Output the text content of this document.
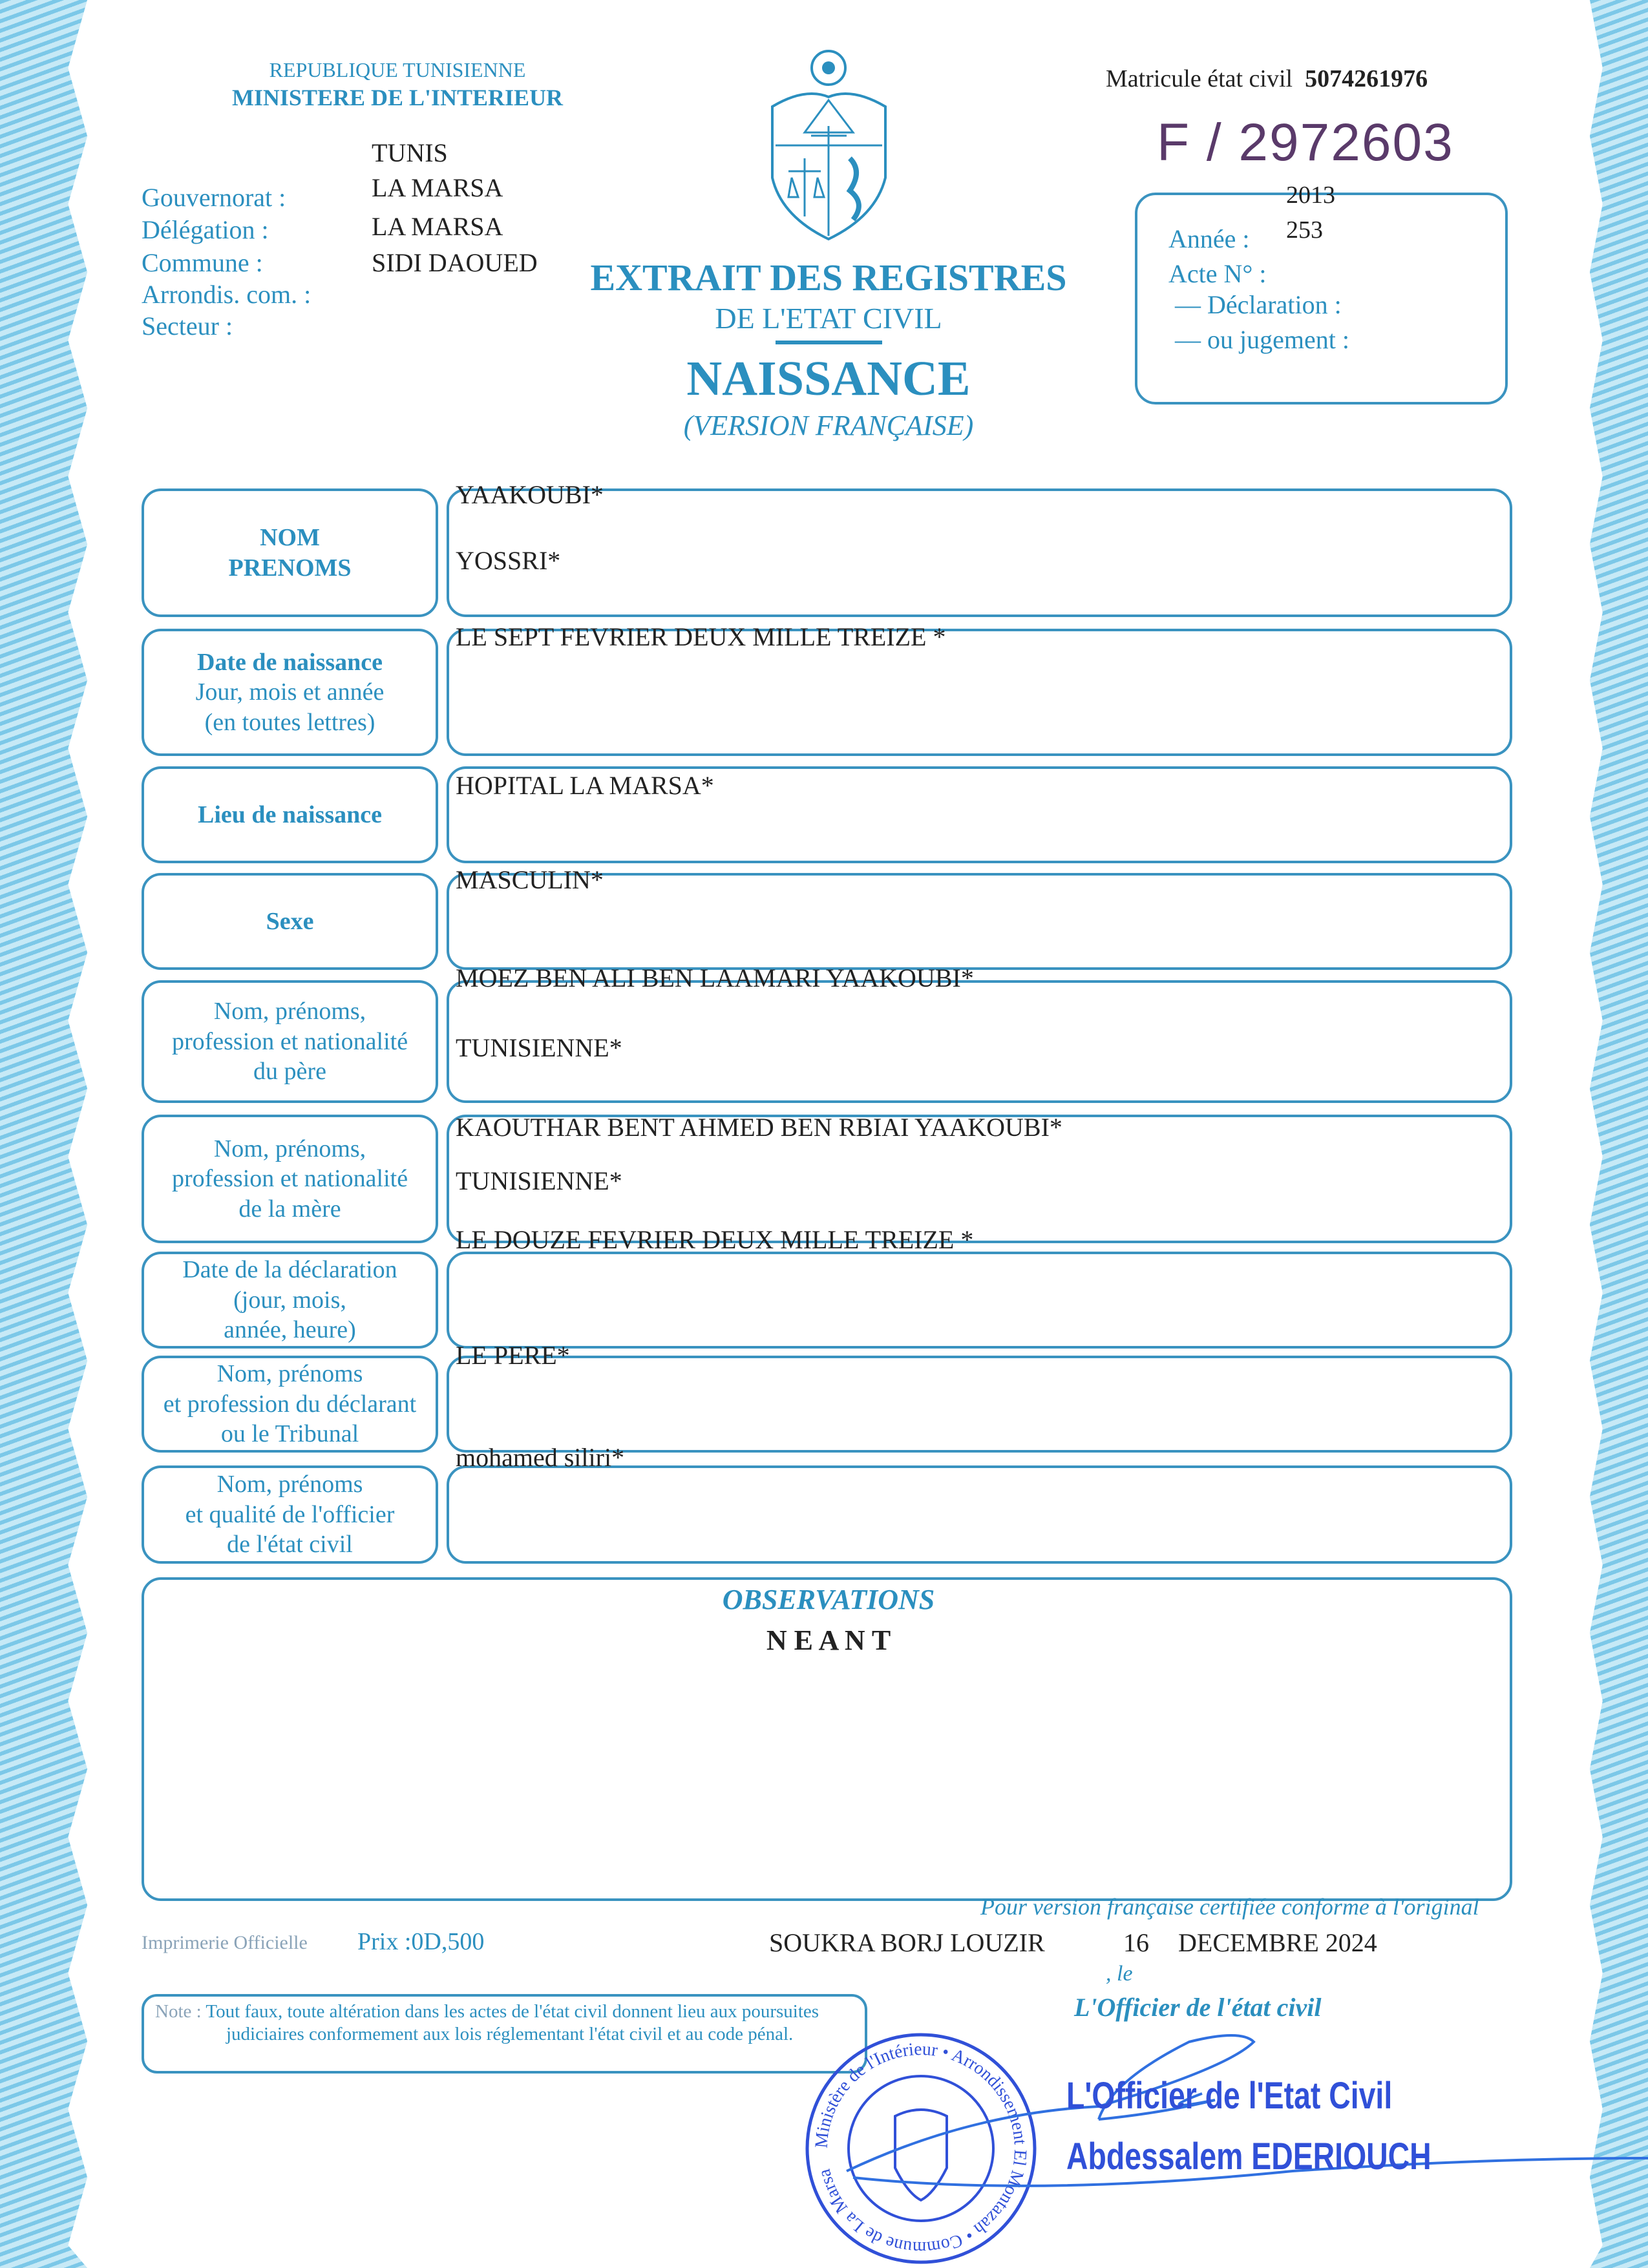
REPUBLIQUE TUNISIENNE
MINISTERE DE L'INTERIEUR
Matricule état civil 5074261976
F / 2972603
Gouvernorat :
Délégation :
Commune :
Arrondis. com. :
Secteur :
TUNIS
LA MARSA
LA MARSA
SIDI DAOUED EXTRAIT DES REGISTRES
DE L'ETAT CIVIL
NAISSANCE
(VERSION FRANÇAISE)
2013
253
Année :
Acte N° :
— Déclaration :
— ou jugement :
NOM
PRENOMS
YAAKOUBI*
YOSSRI*
Date de naissance
Jour, mois et année
(en toutes lettres)
LE SEPT FEVRIER DEUX MILLE TREIZE *
Lieu de naissance
HOPITAL LA MARSA*
Sexe
MASCULIN*
Nom, prénoms,
profession et nationalité
du père
MOEZ BEN ALI BEN LAAMARI YAAKOUBI*
TUNISIENNE*
Nom, prénoms,
profession et nationalité
de la mère
KAOUTHAR BENT AHMED BEN RBIAI YAAKOUBI*
TUNISIENNE*
Date de la déclaration
(jour, mois,
année, heure)
LE DOUZE FEVRIER DEUX MILLE TREIZE *
Nom, prénoms
et profession du déclarant
ou le Tribunal
LE PERE*
Nom, prénoms
et qualité de l'officier
de l'état civil
mohamed siliri*
OBSERVATIONS
N E A N T
Imprimerie Officielle Prix :0D,500
Pour version française certifiée conforme à l'original
SOUKRA BORJ LOUZIR
, le
16 DECEMBRE 2024
Note : Tout faux, toute altération dans les actes de l'état civil donnent lieu aux poursuites judiciaires conformement aux lois réglementant l'état civil et au code pénal.
L'Officier de l'état civil
Ministère de l'Intérieur • Arrondissement El Montazah • Commune de La Marsa
L'Officier de l'Etat Civil
Abdessalem EDERIOUCH
